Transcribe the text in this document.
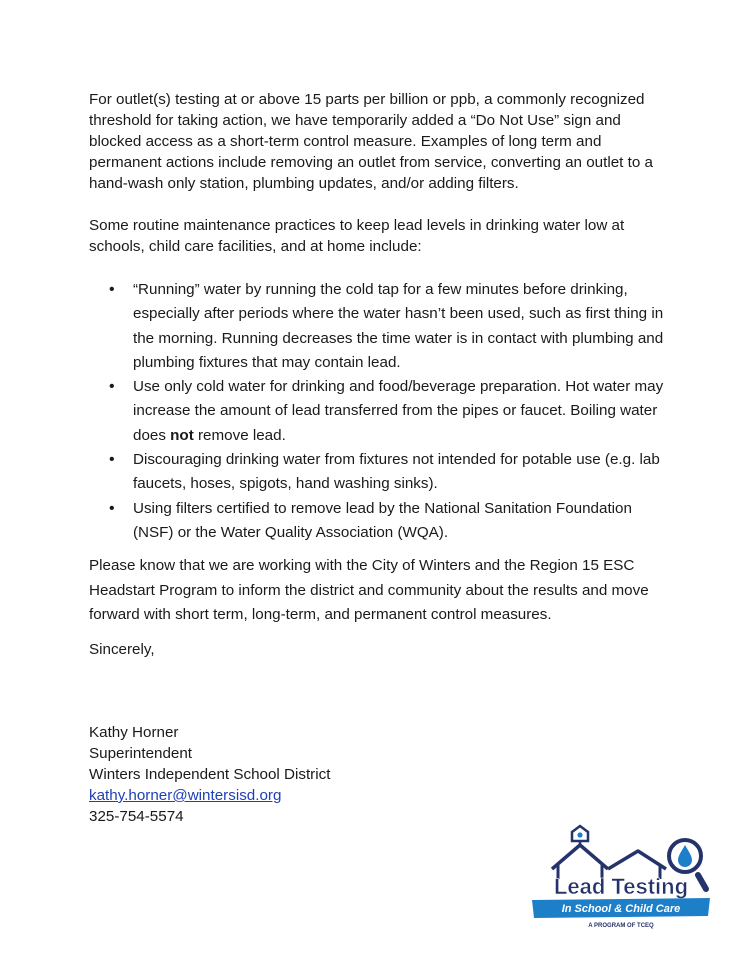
For outlet(s) testing at or above 15 parts per billion or ppb, a commonly recognized threshold for taking action, we have temporarily added a “Do Not Use” sign and blocked access as a short-term control measure. Examples of long term and permanent actions include removing an outlet from service, converting an outlet to a hand-wash only station, plumbing updates, and/or adding filters.

Some routine maintenance practices to keep lead levels in drinking water low at schools, child care facilities, and at home include:

• “Running” water by running the cold tap for a few minutes before drinking, especially after periods where the water hasn’t been used, such as first thing in the morning. Running decreases the time water is in contact with plumbing and plumbing fixtures that may contain lead.
• Use only cold water for drinking and food/beverage preparation. Hot water may increase the amount of lead transferred from the pipes or faucet. Boiling water does not remove lead.
• Discouraging drinking water from fixtures not intended for potable use (e.g. lab faucets, hoses, spigots, hand washing sinks).
• Using filters certified to remove lead by the National Sanitation Foundation (NSF) or the Water Quality Association (WQA).

Please know that we are working with the City of Winters and the Region 15 ESC Headstart Program to inform the district and community about the results and move forward with short term, long-term, and permanent control measures.

Sincerely,

Kathy Horner
Superintendent
Winters Independent School District
kathy.horner@wintersisd.org
325-754-5574
Lead Testing
In School & Child Care
A PROGRAM OF TCEQ
